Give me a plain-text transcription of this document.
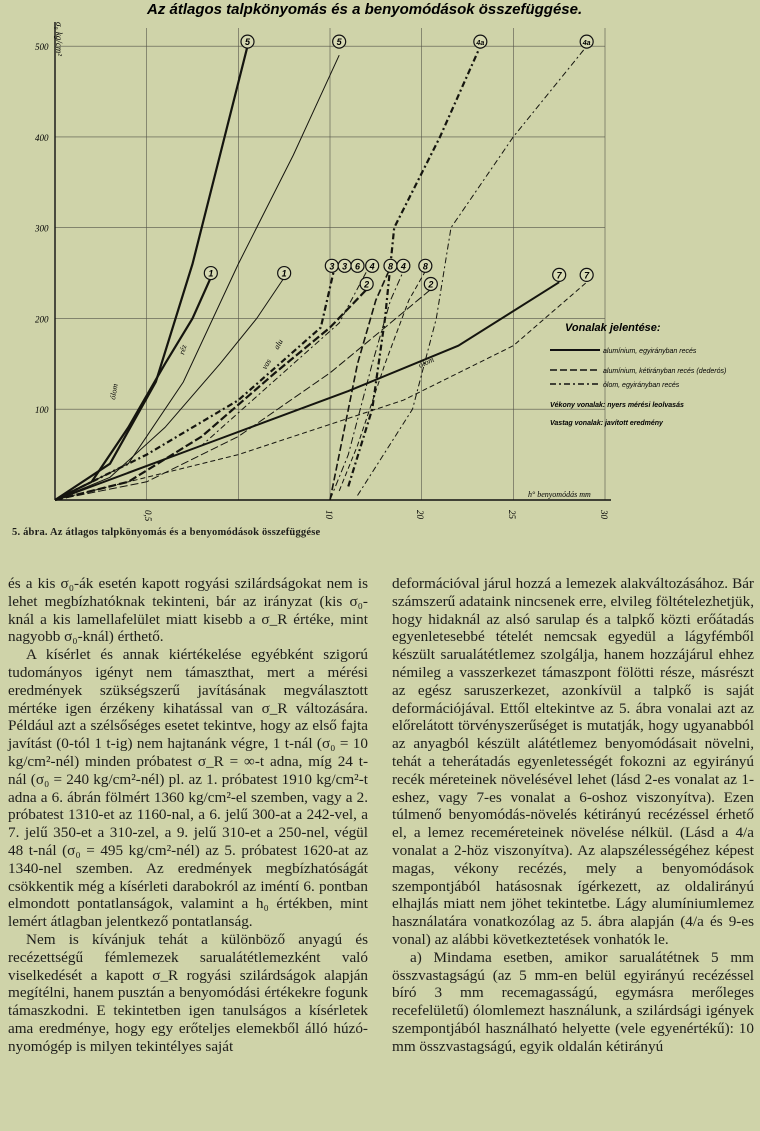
Az átlagos talpkönyomás és a benyomódások összefüggése.
σ₀ kg/cm²
100
200
300
400
500
0,5	10	20	25	30
h° benyomódás mm
5	5	4a	4a
1	1
2	2
3 3 6 4 8 4 8
7 7
ólom
réz
vas
alu
ólom
Vonalak jelentése:
alumínium, egyirányban recés
alumínium, kétirányban recés (dederós)
ólom, egyirányban recés
Vékony vonalak: nyers mérési leolvasás
Vastag vonalak: javított eredmény
5. ábra. Az átlagos talpkönyomás és a benyomódások összefüggése

és a kis σ₀-ák esetén kapott rogyási szilárdságokat nem is lehet megbízhatóknak tekinteni, bár az irányzat (kis σ₀-knál a kis lamellafelület miatt kisebb a σ_R értéke, mint nagyobb σ₀-knál) érthető.

A kísérlet és annak kiértékelése egyébként szigorú tudományos igényt nem támaszthat, mert a mérési eredmények szükségszerű javításának megválasztott mértéke igen érzékeny kihatással van σ_R változására. Például azt a szélsőséges esetet tekintve, hogy az első fajta javítást (0-tól 1 t-ig) nem hajtanánk végre, 1 t-nál (σ₀ = 10 kg/cm²-nél) minden próbatest σ_R = ∞-t adna, míg 24 t-nál (σ₀ = 240 kg/cm²-nél) pl. az 1. próbatest 1910 kg/cm²-t adna a 6. ábrán fölmért 1360 kg/cm²-el szemben, vagy a 2. próbatest 1310-et az 1160-nal, a 6. jelű 300-at a 242-vel, a 7. jelű 350-et a 310-zel, a 9. jelű 310-et a 250-nel, végül 48 t-nál (σ₀ = 495 kg/cm²-nél) az 5. próbatest 1620-at az 1340-nel szemben. Az eredmények megbízhatóságát csökkentik még a kísérleti darabokról az iméntí 6. pontban elmondott pontatlanságok, valamint a h₀ értékben, mint lemért átlagban jelentkező pontatlanság.

Nem is kívánjuk tehát a különböző anyagú és recézettségű fémlemezek sarualátétlemezként való viselkedését a kapott σ_R rogyási szilárdságok alapján megítélni, hanem pusztán a benyomódási értékekre fogunk támaszkodni. E tekintetben igen tanulságos a kísérletek ama eredménye, hogy egy erőteljes elemekből álló húzó-nyomógép is milyen tekintélyes saját

deformációval járul hozzá a lemezek alakváltozásához. Bár számszerű adataink nincsenek erre, elvileg föltételezhetjük, hogy hidaknál az alsó sarulap és a talpkő közti erőátadás egyenletesebbé tételét nemcsak egyedül a lágyfémből készült sarualátétlemez szolgálja, hanem hozzájárul ehhez némileg a vasszerkezet támaszpont fölötti része, másrészt az egész saruszerkezet, azonkívül a talpkő is saját deformációjával. Ettől eltekintve az 5. ábra vonalai azt az előrelátott törvényszerűséget is mutatják, hogy ugyanabból az anyagból készült alátétlemez benyomódásait növelni, tehát a teherátadás egyenletességét fokozni az egyirányú recék méreteinek növelésével lehet (lásd 2-es vonalat az 1-eshez, vagy 7-es vonalat a 6-oshoz viszonyítva). Ezen túlmenő benyomódás-növelés kétirányú recézéssel érhető el, a lemez receméreteinek növelése nélkül. (Lásd a 4/a vonalat a 2-höz viszonyítva). Az alapszélességéhez képest magas, vékony recézés, mely a benyomódások szempontjából hatásosnak ígérkezett, az oldalirányú elhajlás miatt nem jöhet tekintetbe. Lágy alumíniumlemez használatára vonatkozólag az 5. ábra alapján (4/a és 9-es vonal) az alábbi következtetések vonhatók le.

a) Mindama esetben, amikor sarualátétnek 5 mm összvastagságú (az 5 mm-en belül egyirányú recézéssel bíró 3 mm recemagasságú, egymásra merőleges recefelületű) ólomlemezt használunk, a szilárdsági igények szempontjából használható helyette (vele egyenértékű): 10 mm összvastagságú, egyik oldalán kétirányú
